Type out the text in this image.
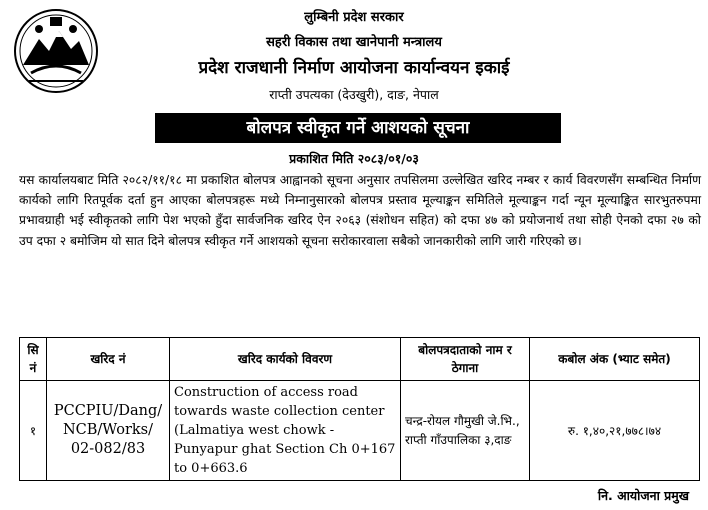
लुम्बिनी प्रदेश सरकार
सहरी विकास तथा खानेपानी मन्त्रालय
प्रदेश राजधानी निर्माण आयोजना कार्यान्वयन इकाई
राप्ती उपत्यका (देउखुरी), दाङ, नेपाल
बोलपत्र स्वीकृत गर्ने आशयको सूचना
प्रकाशित मिति २०८३/०१/०३
यस कार्यालयबाट मिति २०८२/११/१८ मा प्रकाशित बोलपत्र आह्वानको सूचना अनुसार तपसिलमा उल्लेखित खरिद नम्बर र कार्य विवरणसँग सम्बन्धित निर्माण कार्यको लागि रितपूर्वक दर्ता हुन आएका बोलपत्रहरू मध्ये निम्नानुसारको बोलपत्र प्रस्ताव मूल्याङ्कन समितिले मूल्याङ्कन गर्दा न्यून मूल्याङ्कित सारभुतरुपमा प्रभावग्राही भई स्वीकृतको लागि पेश भएको हुँदा सार्वजनिक खरिद ऐन २०६३ (संशोधन सहित) को दफा ४७ को प्रयोजनार्थ तथा सोही ऐनको दफा २७ को उप दफा २ बमोजिम यो सात दिने बोलपत्र स्वीकृत गर्ने आशयको सूचना सरोकारवाला सबैको जानकारीको लागि जारी गरिएको छ।
सि नं	खरिद नं	खरिद कार्यको विवरण	बोलपत्रदाताको नाम र ठेगाना	कबोल अंक (भ्याट समेत)
१	PCCPIU/Dang/ NCB/Works/ 02-082/83	Construction of access road towards waste collection center (Lalmatiya west chowk - Punyapur ghat Section Ch 0+167 to 0+663.6	चन्द्र-रोयल गौमुखी जे.भि., राप्ती गाँउपालिका ३,दाङ	रु. १,४०,२१,७७८।७४
नि. आयोजना प्रमुख
